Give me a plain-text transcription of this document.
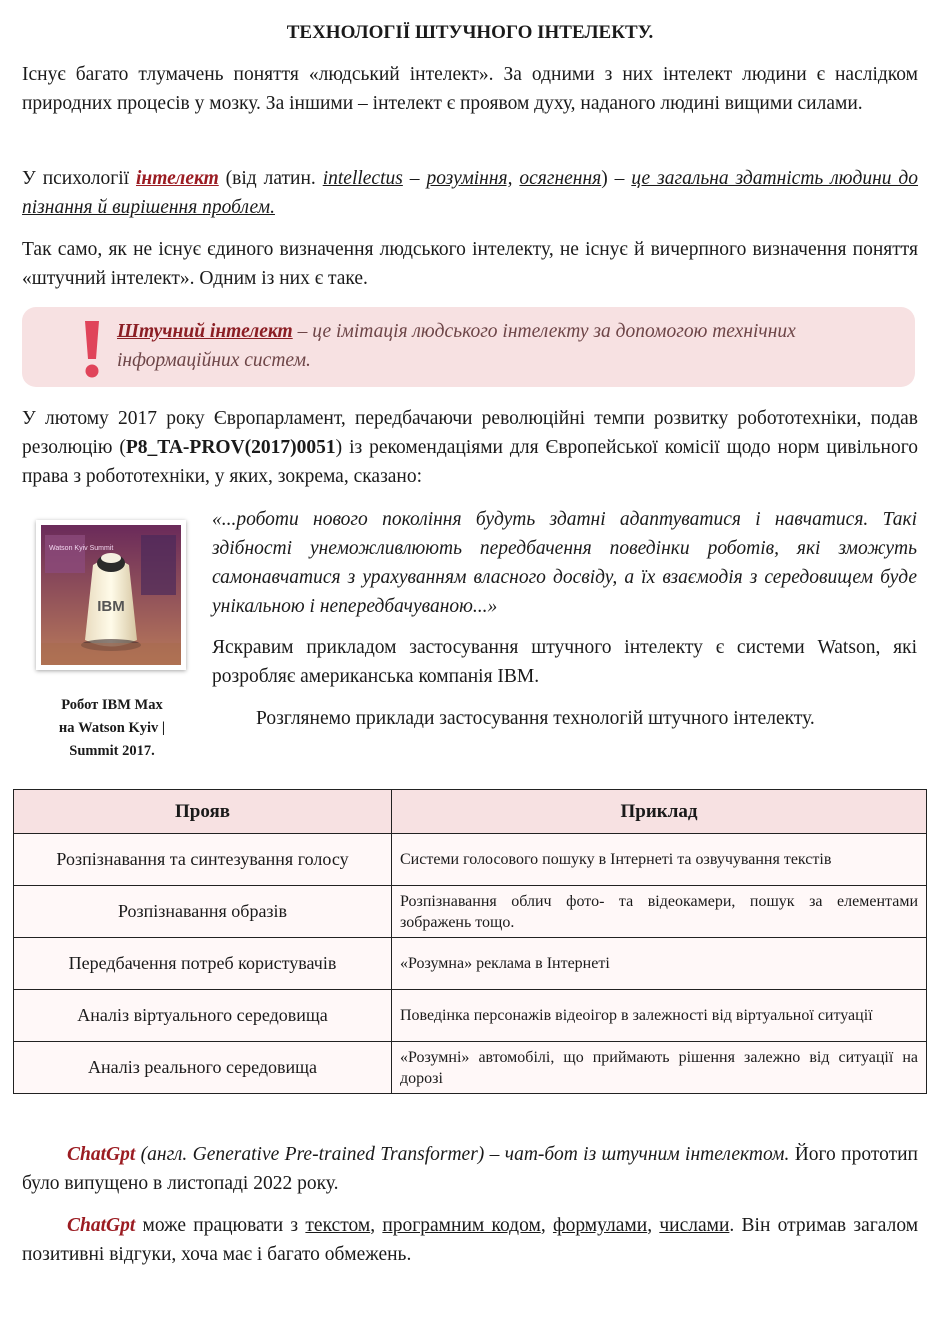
ТЕХНОЛОГІЇ ШТУЧНОГО ІНТЕЛЕКТУ.

Існує багато тлумачень поняття «людський інтелект». За одними з них інтелект людини є наслідком природних процесів у мозку. За іншими – інтелект є проявом духу, наданого людині вищими силами.

У психології інтелект (від латин. intellectus – розуміння, осягнення) – це загальна здатність людини до пізнання й вирішення проблем.

Так само, як не існує єдиного визначення людського інтелекту, не існує й вичерпного визначення поняття «штучний інтелект». Одним із них є таке.

Штучний інтелект – це імітація людського інтелекту за допомогою технічних інформаційних систем.

У лютому 2017 року Європарламент, передбачаючи революційні темпи розвитку робототехніки, подав резолюцію (P8_TA-PROV(2017)0051) із рекомендаціями для Європейської комісії щодо норм цивільного права з робототехніки, у яких, зокрема, сказано:

Watson Kyiv Summit
IBM
Робот IBM Max
на Watson Kyiv |
Summit 2017.

«...роботи нового покоління будуть здатні адаптуватися і навчатися. Такі здібності унеможливлюють передбачення поведінки роботів, які зможуть самонавчатися з урахуванням власного досвіду, а їх взаємодія з середовищем буде унікальною і непередбачуваною...»

Яскравим прикладом застосування штучного інтелекту є системи Watson, які розробляє американська компанія IBM.

Розглянемо приклади застосування технологій штучного інтелекту.

Прояв	Приклад
Розпізнавання та синтезування голосу	Системи голосового пошуку в Інтернеті та озвучування текстів
Розпізнавання образів	Розпізнавання облич фото- та відеокамери, пошук за елементами зображень тощо.
Передбачення потреб користувачів	«Розумна» реклама в Інтернеті
Аналіз віртуального середовища	Поведінка персонажів відеоігор в залежності від віртуальної ситуації
Аналіз реального середовища	«Розумні» автомобілі, що приймають рішення залежно від ситуації на дорозі

ChatGpt (англ. Generative Pre-trained Transformer) – чат-бот із штучним інтелектом. Його прототип було випущено в листопаді 2022 року.

ChatGpt може працювати з текстом, програмним кодом, формулами, числами. Він отримав загалом позитивні відгуки, хоча має і багато обмежень.
